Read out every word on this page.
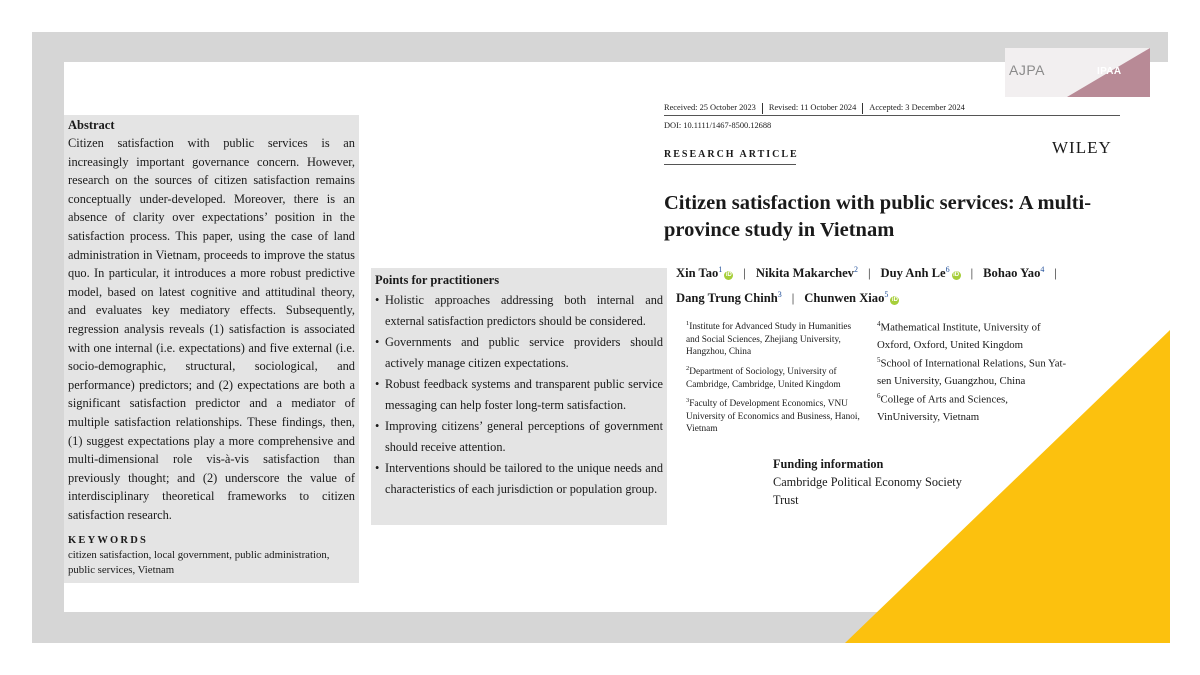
Abstract

Citizen satisfaction with public services is an increasingly important governance concern. However, research on the sources of citizen satisfaction remains conceptually under-developed. Moreover, there is an absence of clarity over expectations’ position in the satisfaction process. This paper, using the case of land administration in Vietnam, proceeds to improve the status quo. In particular, it introduces a more robust predictive model, based on latest cognitive and attitudinal theory, and evaluates key mediatory effects. Subsequently, regression analysis reveals (1) satisfaction is associated with one internal (i.e. expectations) and five external (i.e. socio-demographic, structural, sociological, and performance) predictors; and (2) expectations are both a significant satisfaction predictor and a mediator of multiple satisfaction relationships. These findings, then, (1) suggest expectations play a more comprehensive and multi-dimensional role vis-à-vis satisfaction than previously thought; and (2) underscore the value of interdisciplinary theoretical frameworks to citizen satisfaction research.

KEYWORDS
citizen satisfaction, local government, public administration, public services, Vietnam
Points for practitioners
• Holistic approaches addressing both internal and external satisfaction predictors should be considered.
• Governments and public service providers should actively manage citizen expectations.
• Robust feedback systems and transparent public service messaging can help foster long-term satisfaction.
• Improving citizens’ general perceptions of government should receive attention.
• Interventions should be tailored to the unique needs and characteristics of each jurisdiction or population group.
AJPA	IPAA
Received: 25 October 2023 Revised: 11 October 2024 Accepted: 3 December 2024
DOI: 10.1111/1467-8500.12688
RESEARCH ARTICLE	WILEY
Citizen satisfaction with public services: A multi-province study in Vietnam
Xin Tao$^1$iD | Nikita Makarchev$^2$ | Duy Anh Le$^6$iD | Bohao Yao$^4$ |
Dang Trung Chinh$^3$ | Chunwen Xiao$^5$iD
$^1$Institute for Advanced Study in Humanities and Social Sciences, Zhejiang University, Hangzhou, China
$^2$Department of Sociology, University of Cambridge, Cambridge, United Kingdom
$^3$Faculty of Development Economics, VNU University of Economics and Business, Hanoi, Vietnam
$^4$Mathematical Institute, University of Oxford, Oxford, United Kingdom
$^5$School of International Relations, Sun Yat-sen University, Guangzhou, China
$^6$College of Arts and Sciences, VinUniversity, Vietnam
Funding information
Cambridge Political Economy Society Trust
